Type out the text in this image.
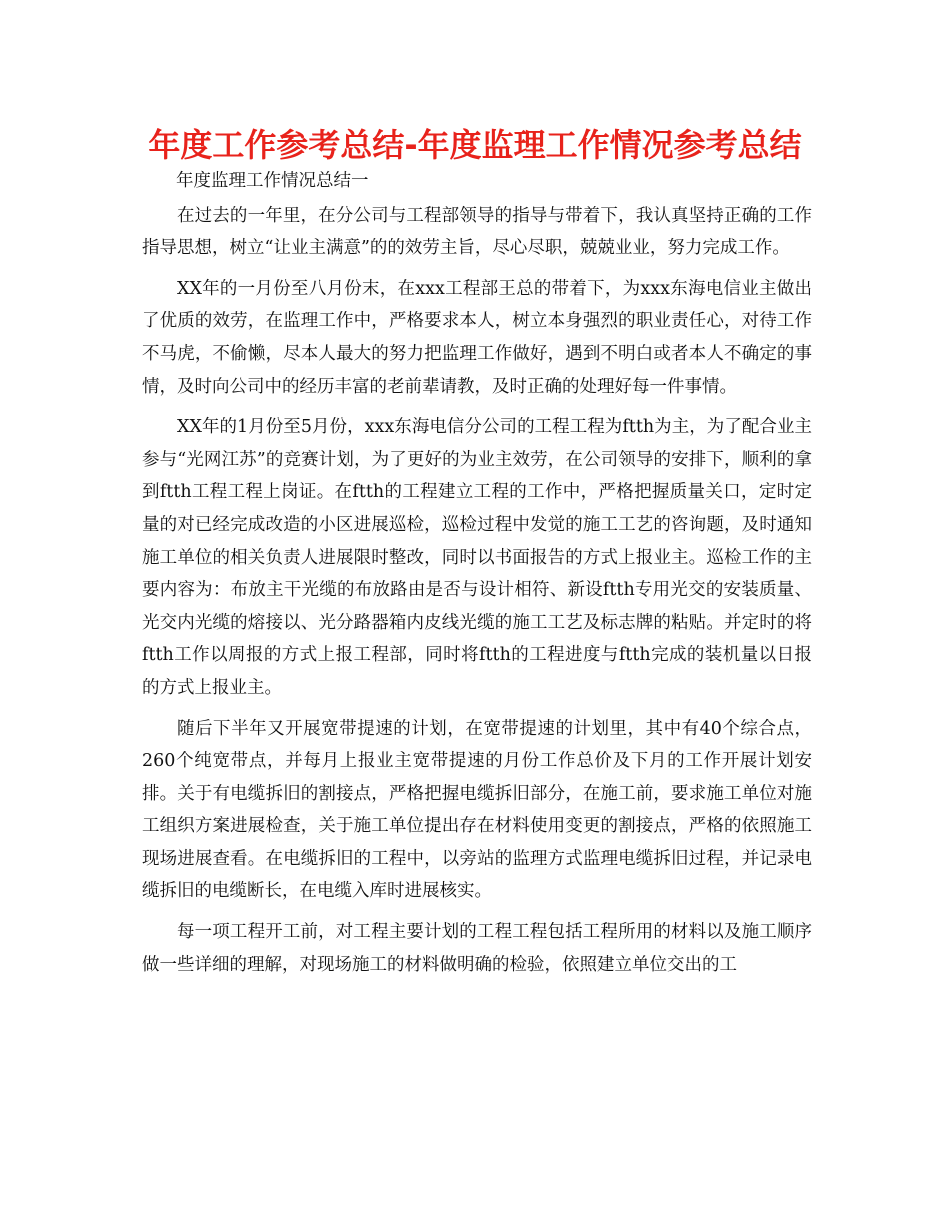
年度工作参考总结-年度监理工作情况参考总结

年度监理工作情况总结一

在过去的一年里，在分公司与工程部领导的指导与带着下，我认真坚持正确的工作指导思想，树立“让业主满意”的的效劳主旨，尽心尽职，兢兢业业，努力完成工作。

XX年的一月份至八月份末，在xxx工程部王总的带着下，为xxx东海电信业主做出了优质的效劳，在监理工作中，严格要求本人，树立本身强烈的职业责任心，对待工作不马虎，不偷懒，尽本人最大的努力把监理工作做好，遇到不明白或者本人不确定的事情，及时向公司中的经历丰富的老前辈请教，及时正确的处理好每一件事情。

XX年的1月份至5月份，xxx东海电信分公司的工程工程为ftth为主，为了配合业主参与“光网江苏”的竞赛计划，为了更好的为业主效劳，在公司领导的安排下，顺利的拿到ftth工程工程上岗证。在ftth的工程建立工程的工作中，严格把握质量关口，定时定量的对已经完成改造的小区进展巡检，巡检过程中发觉的施工工艺的咨询题，及时通知施工单位的相关负责人进展限时整改，同时以书面报告的方式上报业主。巡检工作的主要内容为：布放主干光缆的布放路由是否与设计相符、新设ftth专用光交的安装质量、光交内光缆的熔接以、光分路器箱内皮线光缆的施工工艺及标志牌的粘贴。并定时的将ftth工作以周报的方式上报工程部，同时将ftth的工程进度与ftth完成的装机量以日报的方式上报业主。

随后下半年又开展宽带提速的计划，在宽带提速的计划里，其中有40个综合点，260个纯宽带点，并每月上报业主宽带提速的月份工作总价及下月的工作开展计划安排。关于有电缆拆旧的割接点，严格把握电缆拆旧部分，在施工前，要求施工单位对施工组织方案进展检查，关于施工单位提出存在材料使用变更的割接点，严格的依照施工现场进展查看。在电缆拆旧的工程中，以旁站的监理方式监理电缆拆旧过程，并记录电缆拆旧的电缆断长，在电缆入库时进展核实。

每一项工程开工前，对工程主要计划的工程工程包括工程所用的材料以及施工顺序做一些详细的理解，对现场施工的材料做明确的检验，依照建立单位交出的工
